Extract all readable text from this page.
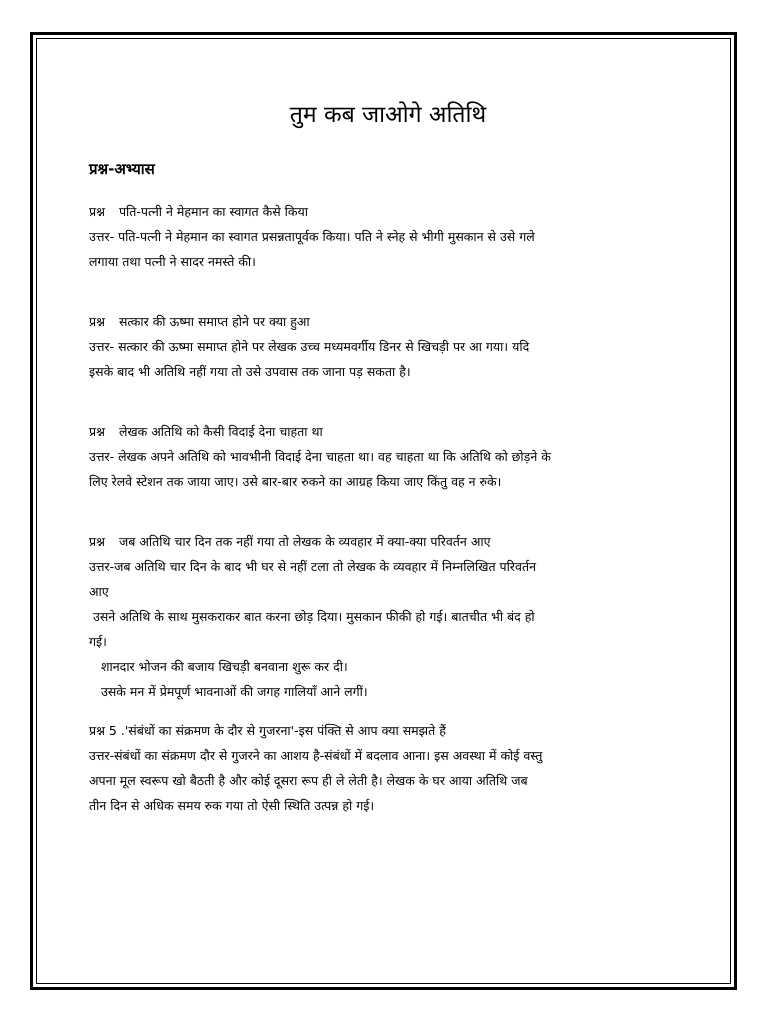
तुम कब जाओगे अतिथि
प्रश्न-अभ्यास

प्रश्न पति-पत्नी ने मेहमान का स्वागत कैसे किया

उत्तर- पति-पत्नी ने मेहमान का स्वागत प्रसन्नतापूर्वक किया। पति ने स्नेह से भीगी मुसकान से उसे गले

लगाया तथा पत्नी ने सादर नमस्ते की।

प्रश्न सत्कार की ऊष्मा समाप्त होने पर क्या हुआ

उत्तर- सत्कार की ऊष्मा समाप्त होने पर लेखक उच्च मध्यमवर्गीय डिनर से खिचड़ी पर आ गया। यदि

इसके बाद भी अतिथि नहीं गया तो उसे उपवास तक जाना पड़ सकता है।

प्रश्न लेखक अतिथि को कैसी विदाई देना चाहता था

उत्तर- लेखक अपने अतिथि को भावभीनी विदाई देना चाहता था। वह चाहता था कि अतिथि को छोड़ने के

लिए रेलवे स्टेशन तक जाया जाए। उसे बार-बार रुकने का आग्रह किया जाए किंतु वह न रुके।

प्रश्न जब अतिथि चार दिन तक नहीं गया तो लेखक के व्यवहार में क्या-क्या परिवर्तन आए

उत्तर-जब अतिथि चार दिन के बाद भी घर से नहीं टला तो लेखक के व्यवहार में निम्नलिखित परिवर्तन

आए

उसने अतिथि के साथ मुसकराकर बात करना छोड़ दिया। मुसकान फीकी हो गई। बातचीत भी बंद हो

गई।

शानदार भोजन की बजाय खिचड़ी बनवाना शुरू कर दी।

उसके मन में प्रेमपूर्ण भावनाओं की जगह गालियाँ आने लगीं।

प्रश्न 5 .'संबंधों का संक्रमण के दौर से गुजरना'-इस पंक्ति से आप क्या समझते हैं

उत्तर-संबंधों का संक्रमण दौर से गुजरने का आशय है-संबंधों में बदलाव आना। इस अवस्था में कोई वस्तु

अपना मूल स्वरूप खो बैठती है और कोई दूसरा रूप ही ले लेती है। लेखक के घर आया अतिथि जब

तीन दिन से अधिक समय रुक गया तो ऐसी स्थिति उत्पन्न हो गई।
